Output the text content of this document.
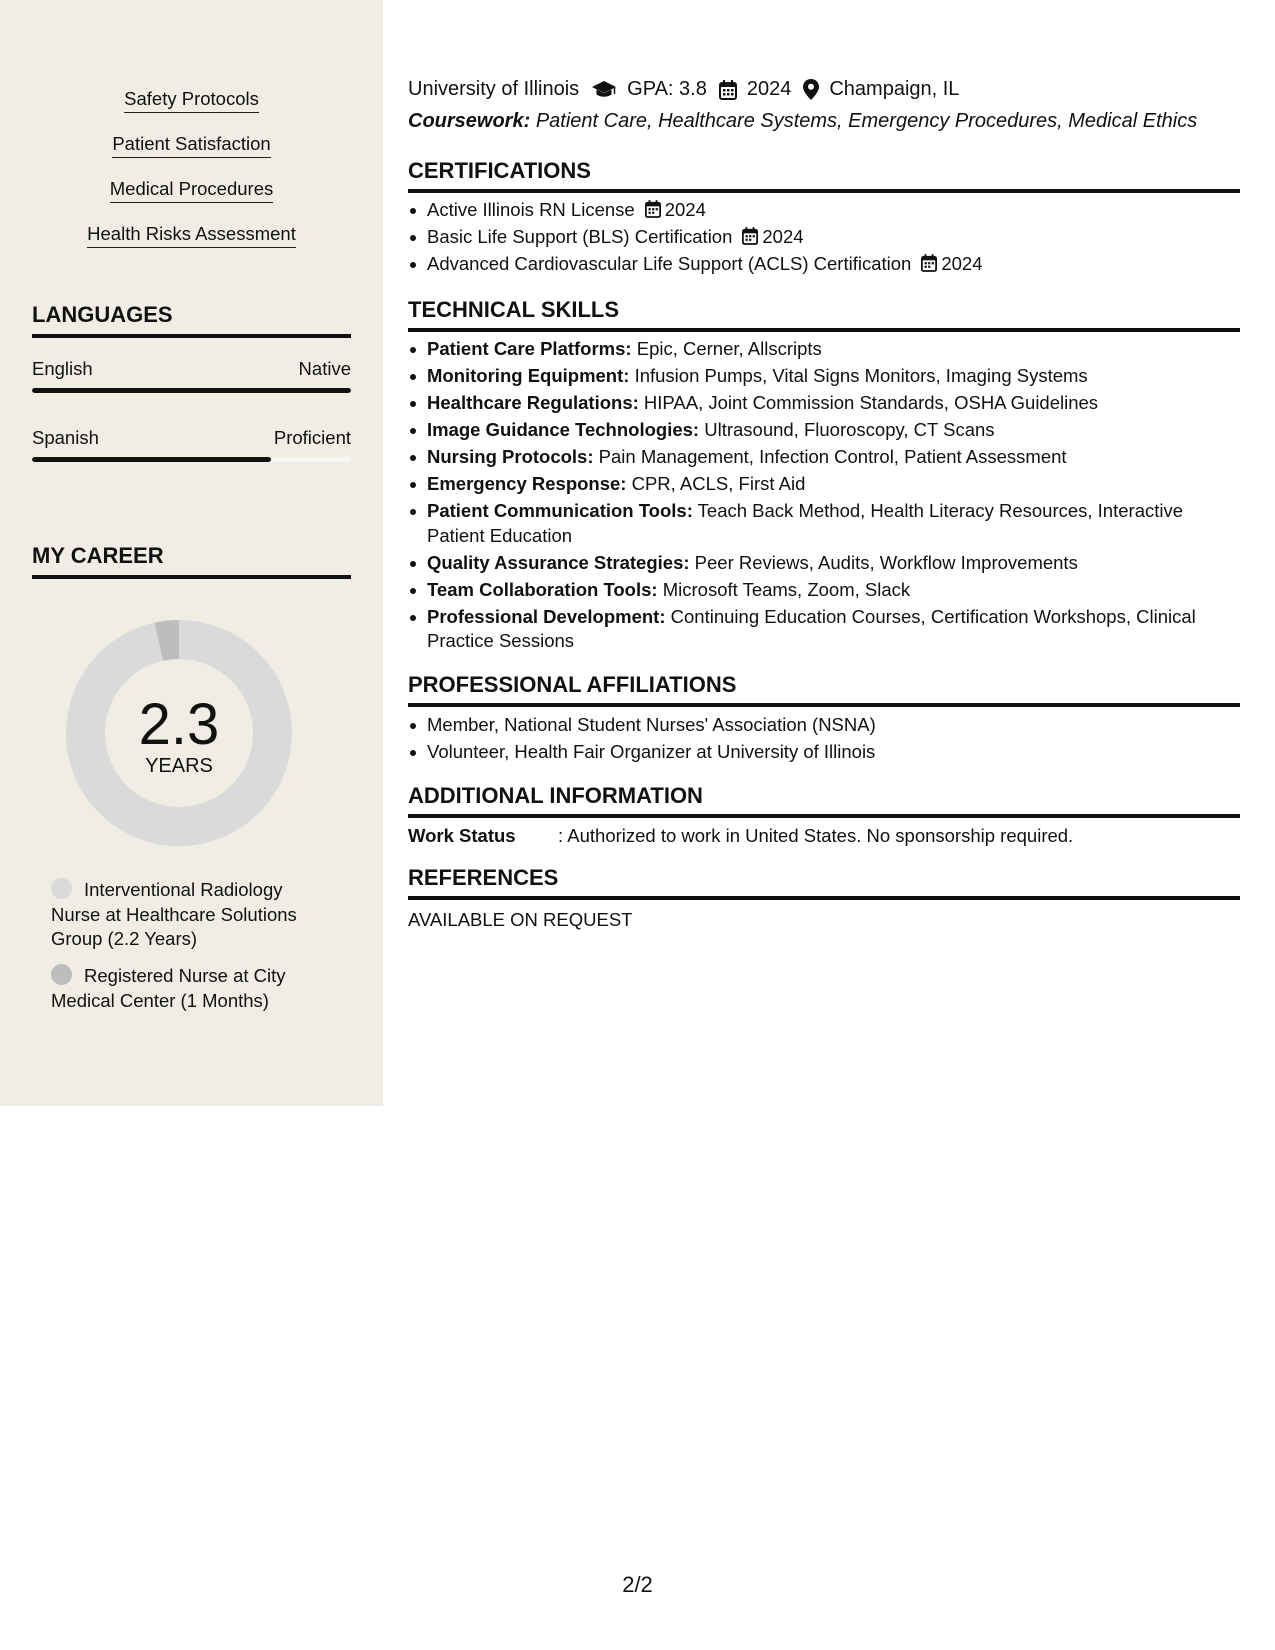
Safety Protocols
Patient Satisfaction
Medical Procedures
Health Risks Assessment
LANGUAGES
English	Native
Spanish	Proficient
MY CAREER
2.3
YEARS
Interventional Radiology Nurse at Healthcare Solutions Group (2.2 Years)
Registered Nurse at City Medical Center (1 Months)
University of Illinois GPA: 3.8 2024 Champaign, IL
Coursework: Patient Care, Healthcare Systems, Emergency Procedures, Medical Ethics
CERTIFICATIONS
Active Illinois RN License 2024
Basic Life Support (BLS) Certification 2024
Advanced Cardiovascular Life Support (ACLS) Certification 2024
TECHNICAL SKILLS
Patient Care Platforms: Epic, Cerner, Allscripts
Monitoring Equipment: Infusion Pumps, Vital Signs Monitors, Imaging Systems
Healthcare Regulations: HIPAA, Joint Commission Standards, OSHA Guidelines
Image Guidance Technologies: Ultrasound, Fluoroscopy, CT Scans
Nursing Protocols: Pain Management, Infection Control, Patient Assessment
Emergency Response: CPR, ACLS, First Aid
Patient Communication Tools: Teach Back Method, Health Literacy Resources, Interactive Patient Education
Quality Assurance Strategies: Peer Reviews, Audits, Workflow Improvements
Team Collaboration Tools: Microsoft Teams, Zoom, Slack
Professional Development: Continuing Education Courses, Certification Workshops, Clinical Practice Sessions
PROFESSIONAL AFFILIATIONS
Member, National Student Nurses' Association (NSNA)
Volunteer, Health Fair Organizer at University of Illinois
ADDITIONAL INFORMATION
Work Status : Authorized to work in United States. No sponsorship required.
REFERENCES
AVAILABLE ON REQUEST
2/2
